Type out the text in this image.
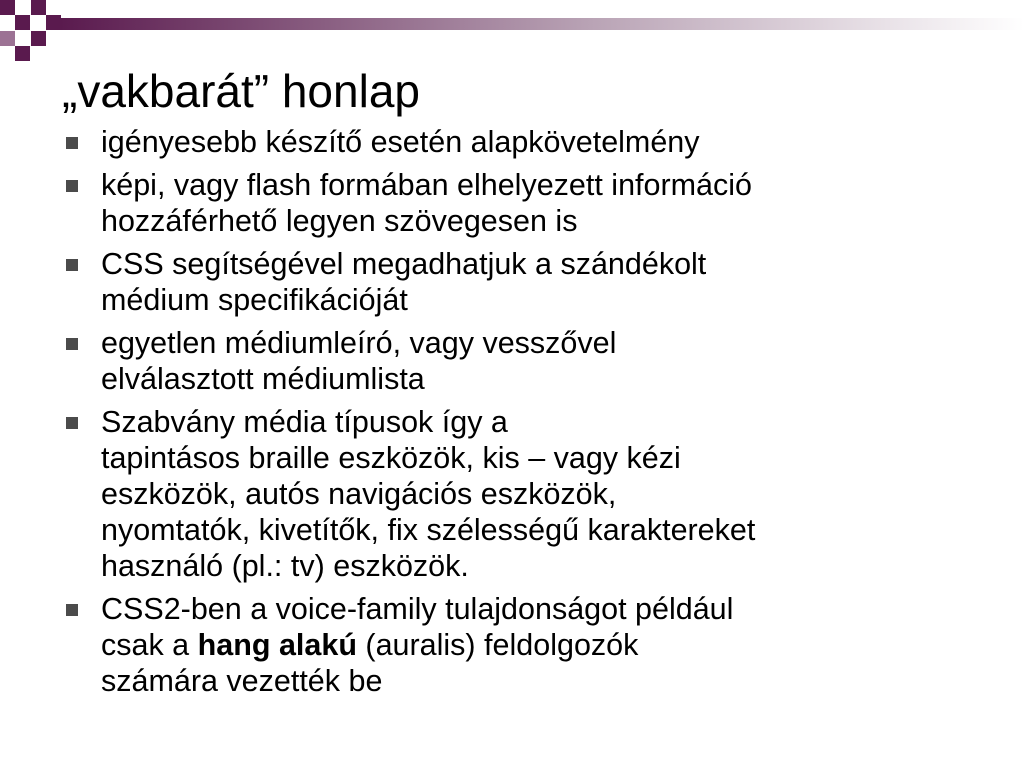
„vakbarát” honlap
igényesebb készítő esetén alapkövetelmény
képi, vagy flash formában elhelyezett információ
hozzáférhető legyen szövegesen is
CSS segítségével megadhatjuk a szándékolt
médium specifikációját
egyetlen médiumleíró, vagy vesszővel
elválasztott médiumlista
Szabvány média típusok így a
tapintásos braille eszközök, kis – vagy kézi
eszközök, autós navigációs eszközök,
nyomtatók, kivetítők, fix szélességű karaktereket
használó (pl.: tv) eszközök.
CSS2-ben a voice-family tulajdonságot például
csak a hang alakú (auralis) feldolgozók
számára vezették be
